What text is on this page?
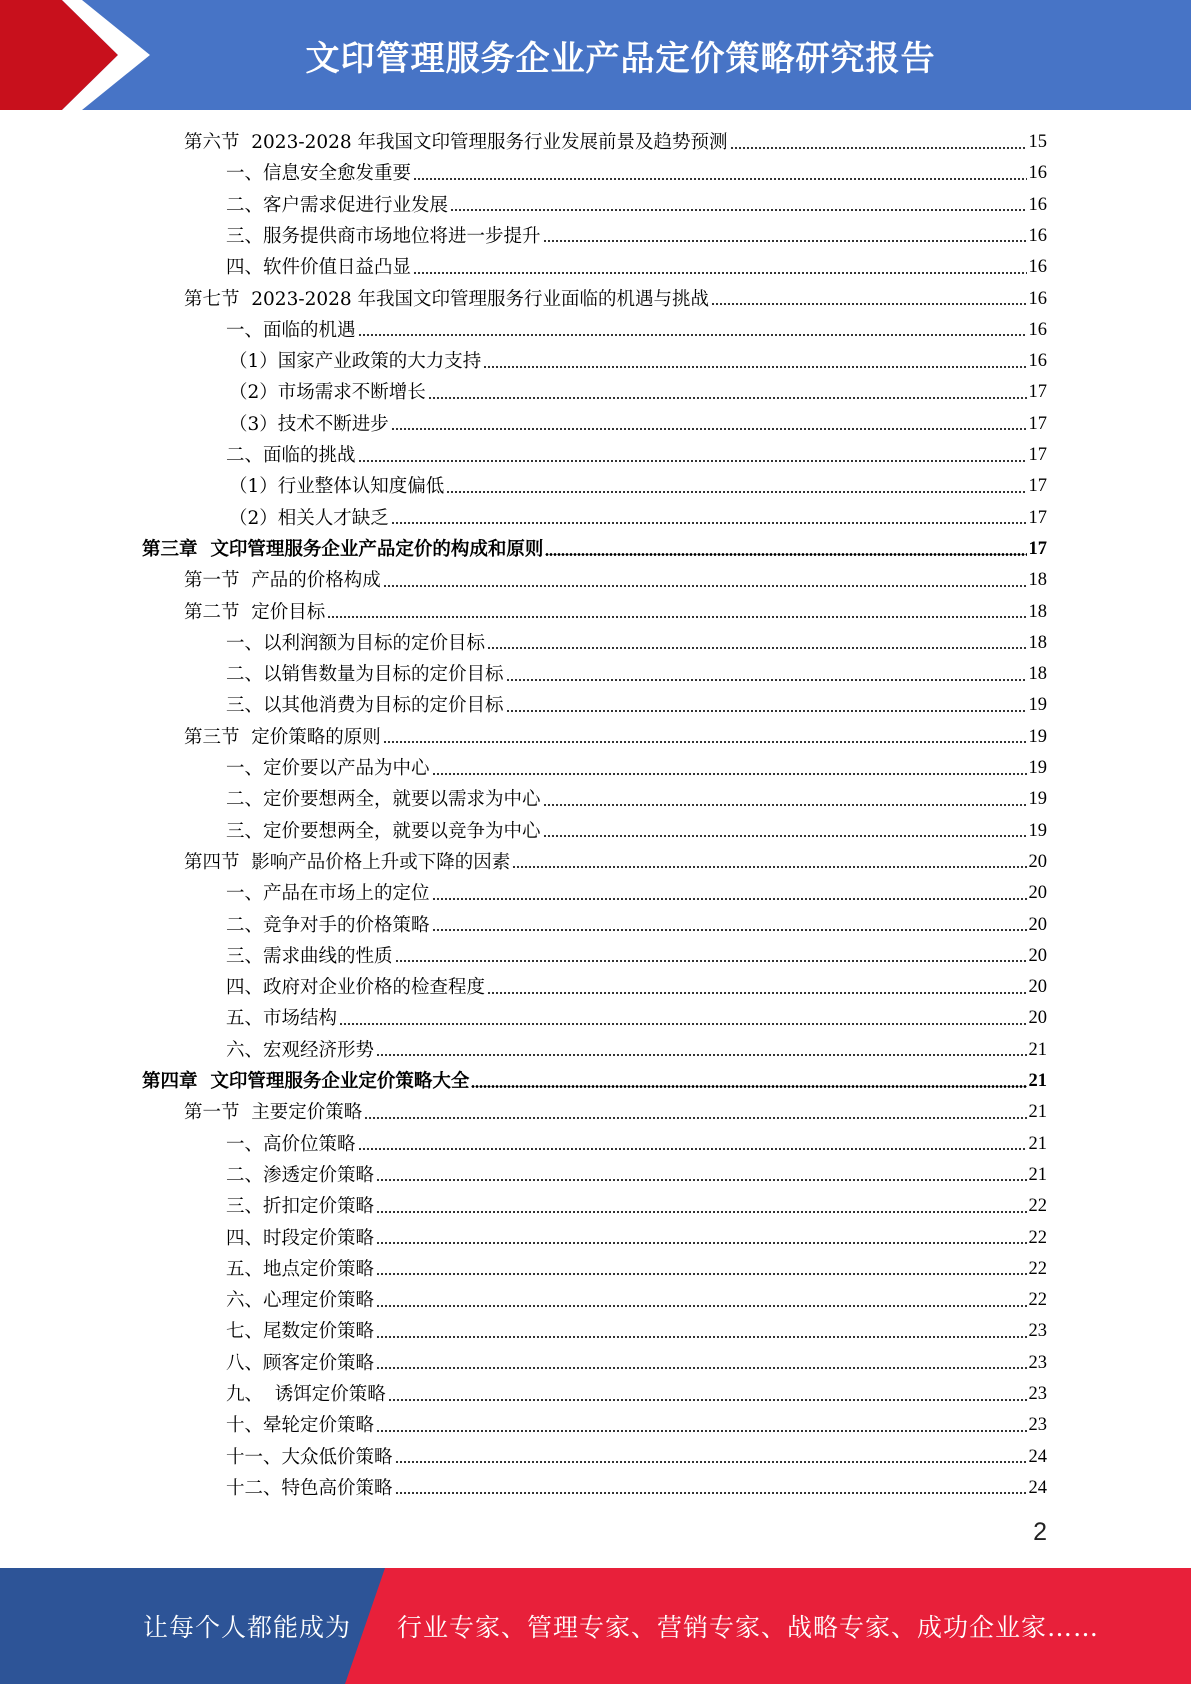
文印管理服务企业产品定价策略研究报告
第六节  2023-2028 年我国文印管理服务行业发展前景及趋势预测	15
一、信息安全愈发重要	16
二、客户需求促进行业发展	16
三、服务提供商市场地位将进一步提升	16
四、软件价值日益凸显	16
第七节  2023-2028 年我国文印管理服务行业面临的机遇与挑战	16
一、面临的机遇	16
（1）国家产业政策的大力支持	16
（2）市场需求不断增长	17
（3）技术不断进步	17
二、面临的挑战	17
（1）行业整体认知度偏低	17
（2）相关人才缺乏	17
第三章  文印管理服务企业产品定价的构成和原则	17
第一节  产品的价格构成	18
第二节  定价目标	18
一、以利润额为目标的定价目标	18
二、以销售数量为目标的定价目标	18
三、以其他消费为目标的定价目标	19
第三节  定价策略的原则	19
一、定价要以产品为中心	19
二、定价要想两全，就要以需求为中心	19
三、定价要想两全，就要以竞争为中心	19
第四节  影响产品价格上升或下降的因素	20
一、产品在市场上的定位	20
二、竞争对手的价格策略	20
三、需求曲线的性质	20
四、政府对企业价格的检查程度	20
五、市场结构	20
六、宏观经济形势	21
第四章  文印管理服务企业定价策略大全	21
第一节  主要定价策略	21
一、高价位策略	21
二、渗透定价策略	21
三、折扣定价策略	22
四、时段定价策略	22
五、地点定价策略	22
六、心理定价策略	22
七、尾数定价策略	23
八、顾客定价策略	23
九、  诱饵定价策略	23
十、晕轮定价策略	23
十一、大众低价策略	24
十二、特色高价策略	24
2
让每个人都能成为 行业专家、管理专家、营销专家、战略专家、成功企业家……
